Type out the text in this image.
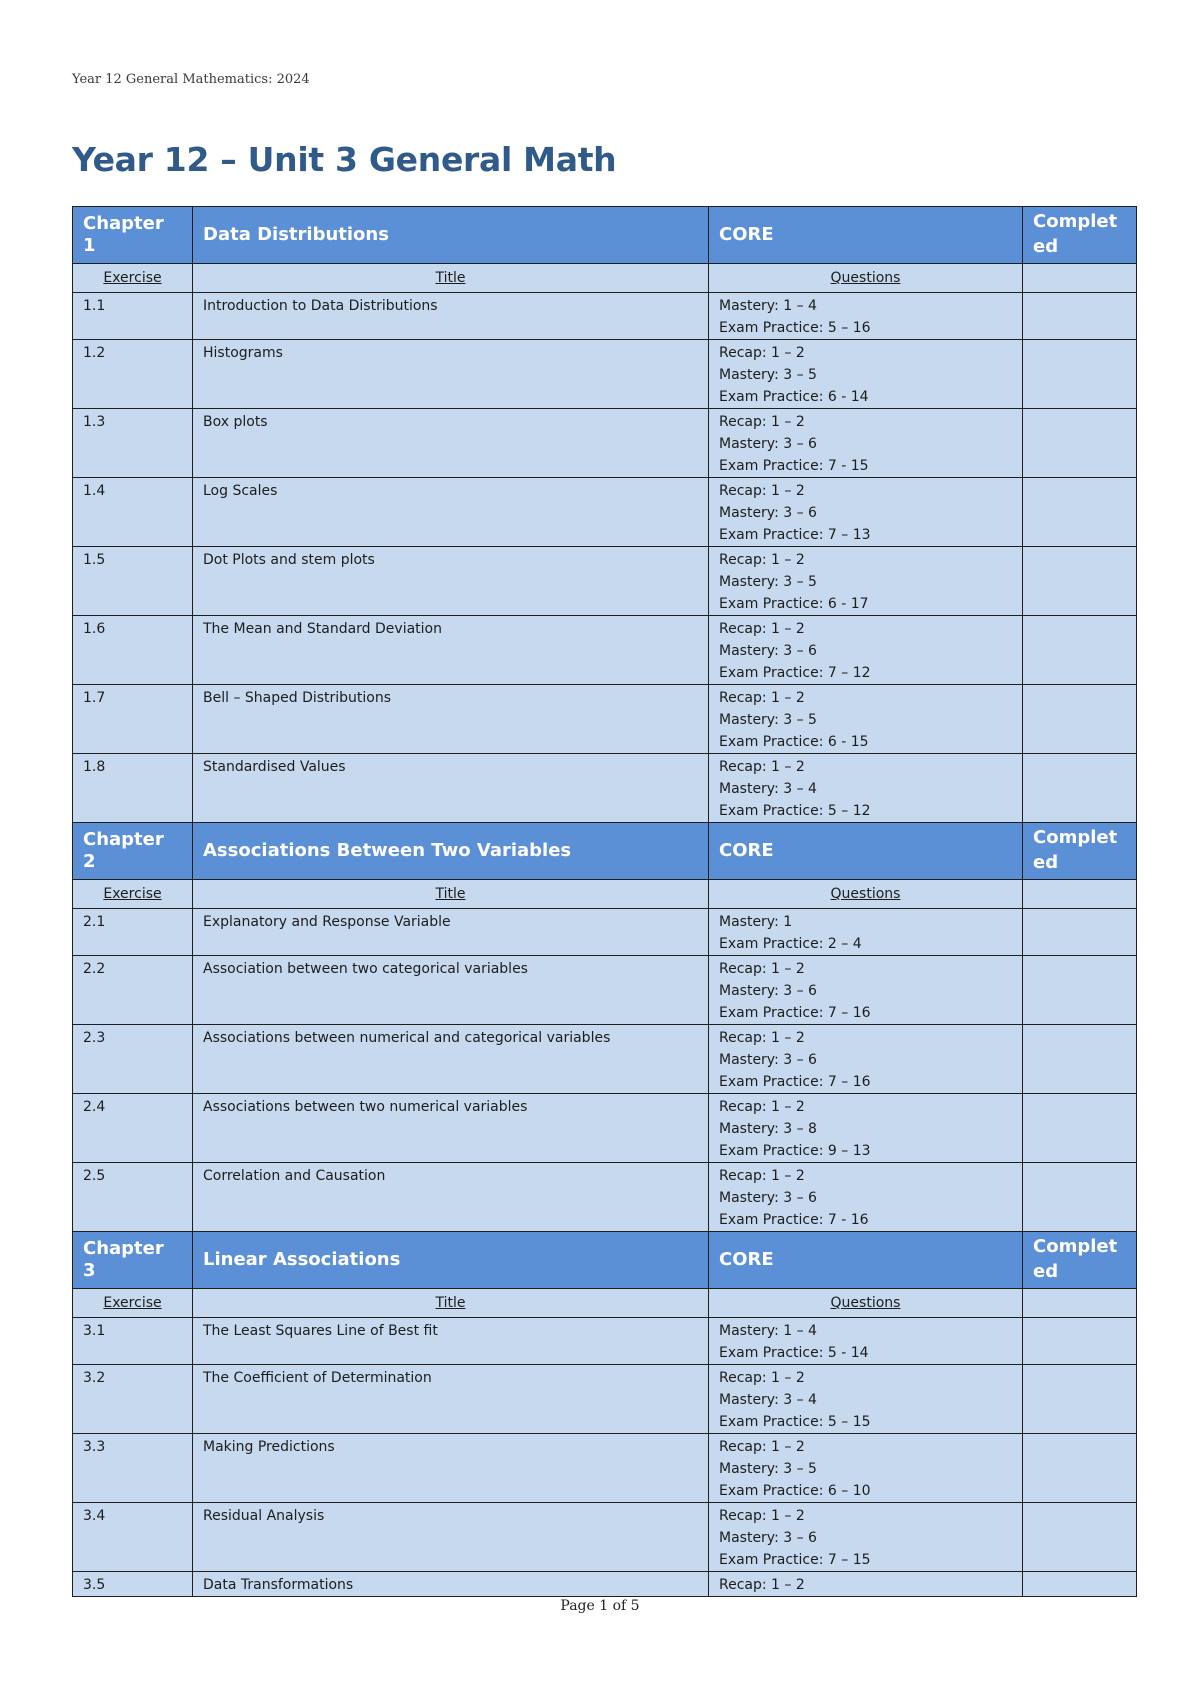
Year 12 General Mathematics: 2024
Year 12 – Unit 3 General Math
Chapter 1	Data Distributions	CORE	Completed
Exercise	Title	Questions	
1.1	Introduction to Data Distributions	Mastery: 1 – 4
Exam Practice: 5 – 16	

1.2	Histograms	Recap: 1 – 2
Mastery: 3 – 5
Exam Practice: 6 - 14	

1.3	Box plots	Recap: 1 – 2
Mastery: 3 – 6
Exam Practice: 7 - 15	

1.4	Log Scales	Recap: 1 – 2
Mastery: 3 – 6
Exam Practice: 7 – 13	

1.5	Dot Plots and stem plots	Recap: 1 – 2
Mastery: 3 – 5
Exam Practice: 6 - 17	

1.6	The Mean and Standard Deviation	Recap: 1 – 2
Mastery: 3 – 6
Exam Practice: 7 – 12	

1.7	Bell – Shaped Distributions	Recap: 1 – 2
Mastery: 3 – 5
Exam Practice: 6 - 15	

1.8	Standardised Values	Recap: 1 – 2
Mastery: 3 – 4
Exam Practice: 5 – 12	

Chapter 2	Associations Between Two Variables	CORE	Completed
Exercise	Title	Questions	
2.1	Explanatory and Response Variable	Mastery: 1
Exam Practice: 2 – 4	

2.2	Association between two categorical variables	Recap: 1 – 2
Mastery: 3 – 6
Exam Practice: 7 – 16	

2.3	Associations between numerical and categorical variables	Recap: 1 – 2
Mastery: 3 – 6
Exam Practice: 7 – 16	

2.4	Associations between two numerical variables	Recap: 1 – 2
Mastery: 3 – 8
Exam Practice: 9 – 13	

2.5	Correlation and Causation	Recap: 1 – 2
Mastery: 3 – 6
Exam Practice: 7 - 16	

Chapter 3	Linear Associations	CORE	Completed
Exercise	Title	Questions	
3.1	The Least Squares Line of Best fit	Mastery: 1 – 4
Exam Practice: 5 - 14	

3.2	The Coefficient of Determination	Recap: 1 – 2
Mastery: 3 – 4
Exam Practice: 5 – 15	

3.3	Making Predictions	Recap: 1 – 2
Mastery: 3 – 5
Exam Practice: 6 – 10	

3.4	Residual Analysis	Recap: 1 – 2
Mastery: 3 – 6
Exam Practice: 7 – 15	

3.5	Data Transformations	Recap: 1 – 2	

Page 1 of 5
